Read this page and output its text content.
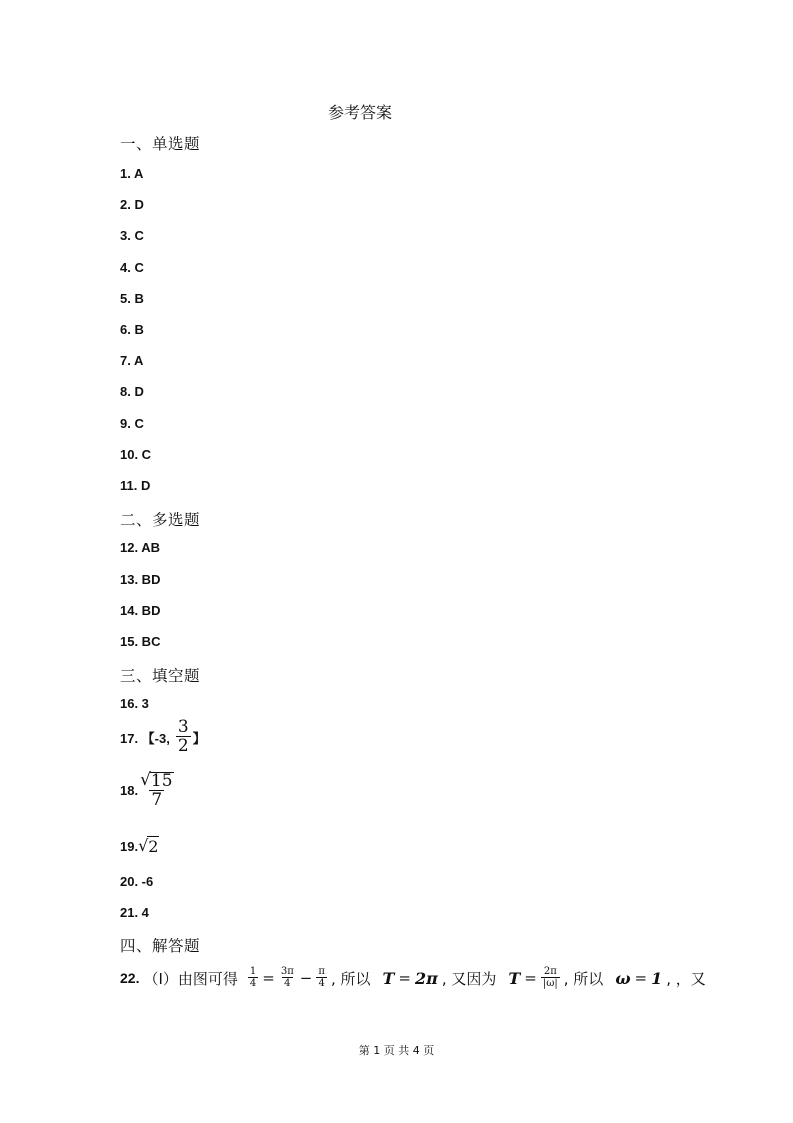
参考答案
一、单选题
1. A
2. D
3. C
4. C
5. B
6. B
7. A
8. D
9. C
10. C
11. D
二、多选题
12. AB
13. BD
14. BD
15. BC
三、填空题
16. 3
17. 【-3, $\frac{3}{2}$ 】
18. $\frac{√ 15}{7}$
19. √ 2
20. -6
21. 4
四、解答题
22. （Ⅰ）由图可得 $\frac{1}{4} = \frac{3\pi}{4} - \frac{\pi}{4}$ , 所以 T = 2π , 又因为 $T = \frac{2\pi}{|\omega|}$ , 所以 ω = 1 , ，又
第 1 页 共 4 页
